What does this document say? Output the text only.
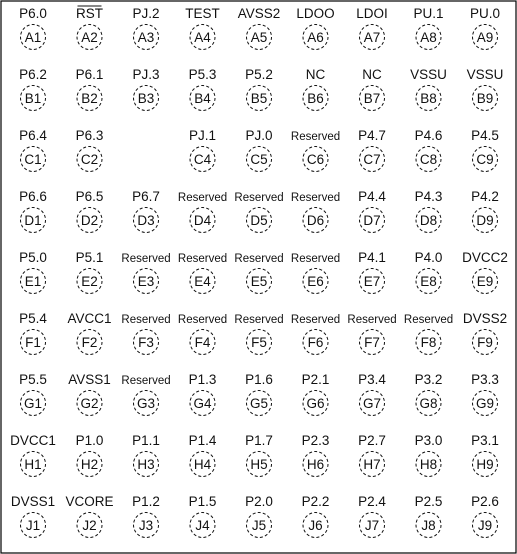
P6.0
A1
RST
A2
PJ.2
A3
TEST
A4
AVSS2
A5
LDOO
A6
LDOI
A7
PU.1
A8
PU.0
A9
P6.2
B1
P6.1
B2
PJ.3
B3
P5.3
B4
P5.2
B5
NC
B6
NC
B7
VSSU
B8
VSSU
B9
P6.4
C1
P6.3
C2
PJ.1
C4
PJ.0
C5
Reserved
C6
P4.7
C7
P4.6
C8
P4.5
C9
P6.6
D1
P6.5
D2
P6.7
D3
Reserved
D4
Reserved
D5
Reserved
D6
P4.4
D7
P4.3
D8
P4.2
D9
P5.0
E1
P5.1
E2
Reserved
E3
Reserved
E4
Reserved
E5
Reserved
E6
P4.1
E7
P4.0
E8
DVCC2
E9
P5.4
F1
AVCC1
F2
Reserved
F3
Reserved
F4
Reserved
F5
Reserved
F6
Reserved
F7
Reserved
F8
DVSS2
F9
P5.5
G1
AVSS1
G2
Reserved
G3
P1.3
G4
P1.6
G5
P2.1
G6
P3.4
G7
P3.2
G8
P3.3
G9
DVCC1
H1
P1.0
H2
P1.1
H3
P1.4
H4
P1.7
H5
P2.3
H6
P2.7
H7
P3.0
H8
P3.1
H9
DVSS1
J1
VCORE
J2
P1.2
J3
P1.5
J4
P2.0
J5
P2.2
J6
P2.4
J7
P2.5
J8
P2.6
J9
